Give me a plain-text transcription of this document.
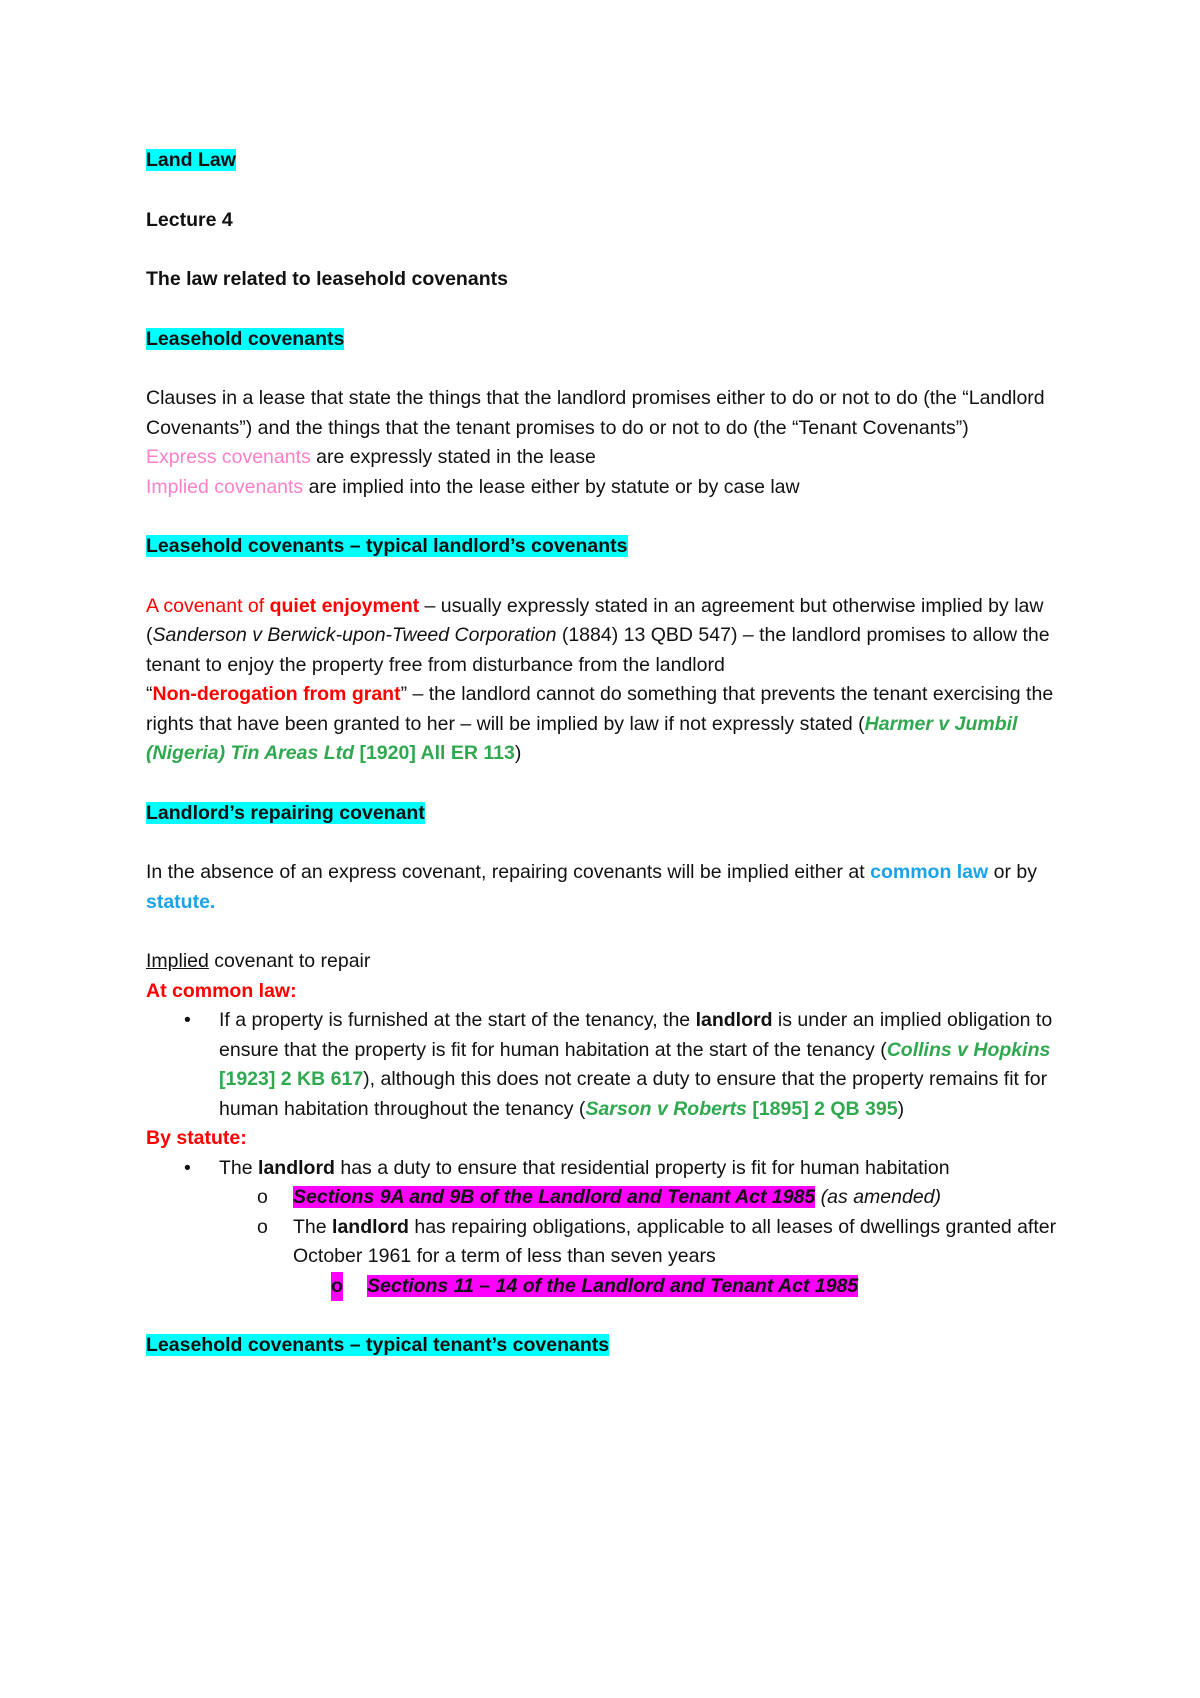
Land Law

Lecture 4

The law related to leasehold covenants

Leasehold covenants

Clauses in a lease that state the things that the landlord promises either to do or not to do (the “Landlord Covenants”) and the things that the tenant promises to do or not to do (the “Tenant Covenants”)

Express covenants are expressly stated in the lease

Implied covenants are implied into the lease either by statute or by case law

Leasehold covenants – typical landlord’s covenants

A covenant of quiet enjoyment – usually expressly stated in an agreement but otherwise implied by law (Sanderson v Berwick-upon-Tweed Corporation (1884) 13 QBD 547) – the landlord promises to allow the tenant to enjoy the property free from disturbance from the landlord

“Non-derogation from grant” – the landlord cannot do something that prevents the tenant exercising the rights that have been granted to her – will be implied by law if not expressly stated (Harmer v Jumbil (Nigeria) Tin Areas Ltd [1920] All ER 113)

Landlord’s repairing covenant

In the absence of an express covenant, repairing covenants will be implied either at common law or by statute.

Implied covenant to repair

At common law:

• If a property is furnished at the start of the tenancy, the landlord is under an implied obligation to ensure that the property is fit for human habitation at the start of the tenancy (Collins v Hopkins [1923] 2 KB 617), although this does not create a duty to ensure that the property remains fit for human habitation throughout the tenancy (Sarson v Roberts [1895] 2 QB 395)

By statute:

• The landlord has a duty to ensure that residential property is fit for human habitation
o Sections 9A and 9B of the Landlord and Tenant Act 1985 (as amended)
o The landlord has repairing obligations, applicable to all leases of dwellings granted after October 1961 for a term of less than seven years
o Sections 11 – 14 of the Landlord and Tenant Act 1985

Leasehold covenants – typical tenant’s covenants
